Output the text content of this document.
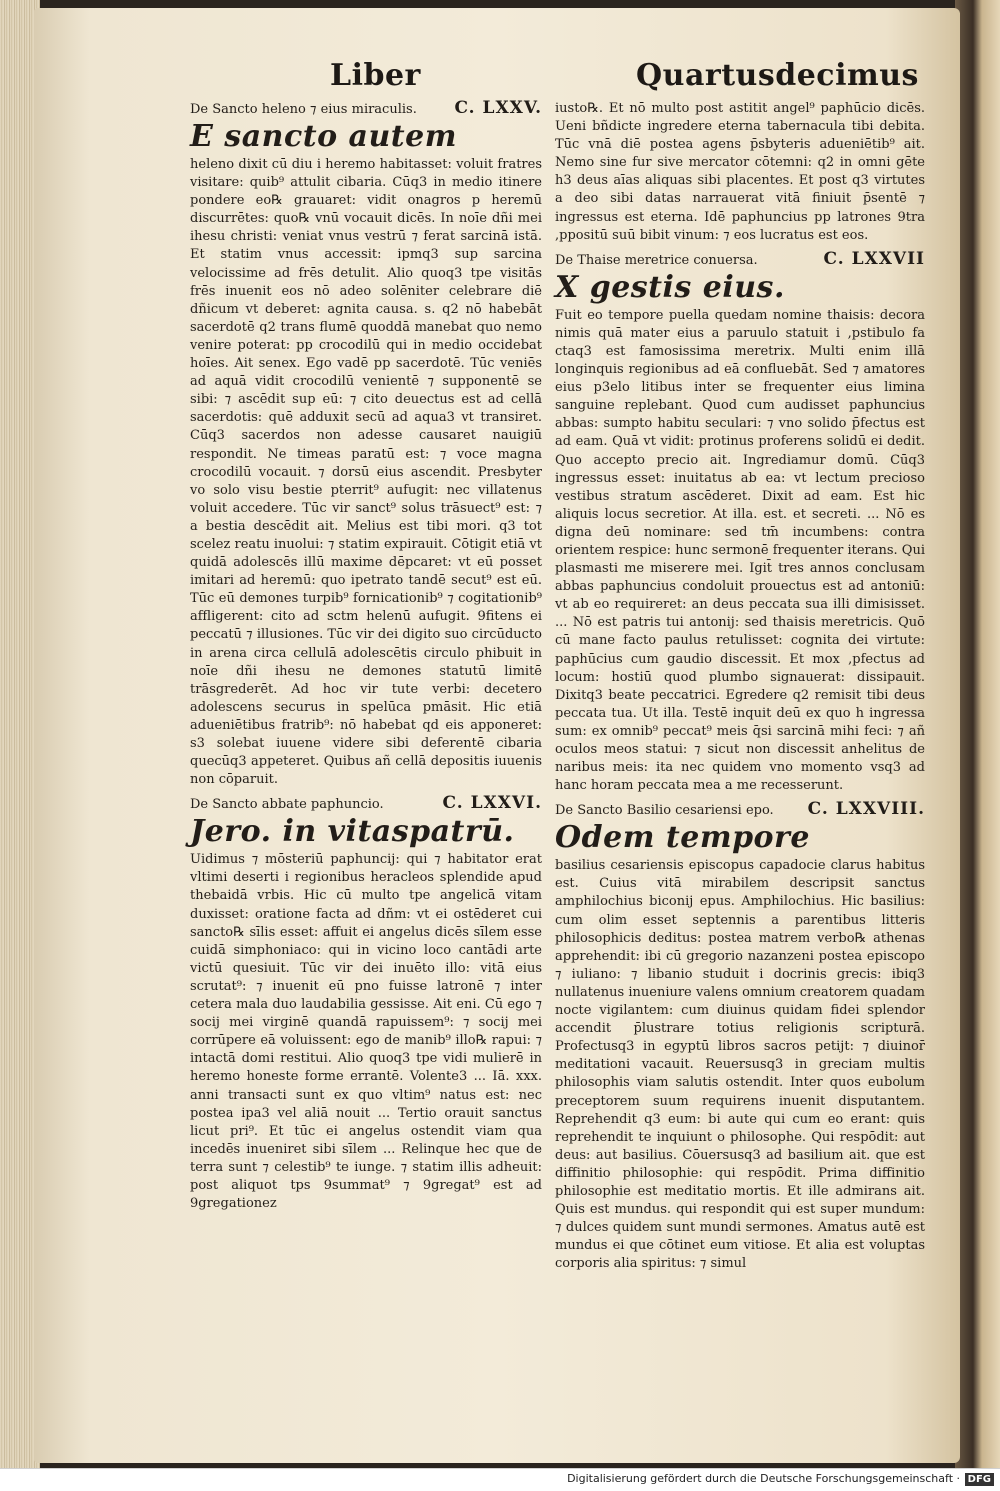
Liber	Quartusdecimus
De Sancto heleno ⁊ eius miraculis. C. LXXV.
E sancto autem

heleno dixit cū diu i heremo habitasset: voluit fratres visitare: quib⁹ attulit cibaria. Cūq3 in medio itinere pondere eo℞ grauaret: vidit onagros p heremū discurrētes: quo℞ vnū vocauit dicēs. In noīe dñi mei ihesu christi: veniat vnus vestrū ⁊ ferat sarcinā istā. Et statim vnus accessit: ipmq3 sup sarcina velocissime ad frēs detulit. Alio quoq3 tpe visitās frēs inuenit eos nō adeo solēniter celebrare diē dñicum vt deberet: agnita causa. s. q2 nō habebāt sacerdotē q2 trans flumē quoddā manebat quo nemo venire poterat: pp crocodilū qui in medio occidebat hoīes. Ait senex. Ego vadē pp sacerdotē. Tūc veniēs ad aquā vidit crocodilū venientē ⁊ supponentē se sibi: ⁊ ascēdit sup eū: ⁊ cito deuectus est ad cellā sacerdotis: quē adduxit secū ad aqua3 vt transiret. Cūq3 sacerdos non adesse causaret nauigiū respondit. Ne timeas paratū est: ⁊ voce magna crocodilū vocauit. ⁊ dorsū eius ascendit. Presbyter vo solo visu bestie pterrit⁹ aufugit: nec villatenus voluit accedere. Tūc vir sanct⁹ solus trāsuect⁹ est: ⁊ a bestia descēdit ait. Melius est tibi mori. q3 tot scelez reatu inuolui: ⁊ statim expirauit. Cōtigit etiā vt quidā adolescēs illū maxime dēpcaret: vt eū posset imitari ad heremū: quo ipetrato tandē secut⁹ est eū. Tūc eū demones turpib⁹ fornicationib⁹ ⁊ cogitationib⁹ affligerent: cito ad sctm helenū aufugit. 9fitens ei peccatū ⁊ illusiones. Tūc vir dei digito suo circūducto in arena circa cellulā adolescētis circulo phibuit in noīe dñi ihesu ne demones statutū limitē trāsgrederēt. Ad hoc vir tute verbi: decetero adolescens securus in spelūca pmāsit. Hic etiā adueniētibus fratrib⁹: nō habebat qd eis apponeret: s3 solebat iuuene videre sibi deferentē cibaria quecūq3 appeteret. Quibus añ cellā depositis iuuenis non cōparuit.

De Sancto abbate paphuncio.	C. LXXVI.
Jero. in vitaspatrū.

Uidimus ⁊ mōsteriū paphuncij: qui ⁊ habitator erat vltimi deserti i regionibus heracleos splendide apud thebaidā vrbis. Hic cū multo tpe angelicā vitam duxisset: oratione facta ad dñm: vt ei ostēderet cui sancto℞ sīlis esset: affuit ei angelus dicēs sīlem esse cuidā simphoniaco: qui in vicino loco cantādi arte victū quesiuit. Tūc vir dei inuēto illo: vitā eius scrutat⁹: ⁊ inuenit eū pno fuisse latronē ⁊ inter cetera mala duo laudabilia gessisse. Ait eni. Cū ego ⁊ socij mei virginē quandā rapuissem⁹: ⁊ socij mei corrūpere eā voluissent: ego de manib⁹ illo℞ rapui: ⁊ intactā domi restitui. Alio quoq3 tpe vidi mulierē in heremo honeste forme errantē. Volente3 ... Iā. xxx. anni transacti sunt ex quo vltim⁹ natus est: nec postea ipa3 vel aliā nouit ... Tertio orauit sanctus licut pri⁹. Et tūc ei angelus ostendit viam qua incedēs inueniret sibi sīlem ... Relinque hec que de terra sunt ⁊ celestib⁹ te iunge. ⁊ statim illis adheuit: post aliquot tps 9summat⁹ ⁊ 9gregat⁹ est ad 9gregationez

iusto℞. Et nō multo post astitit angel⁹ paphūcio dicēs. Ueni bñdicte ingredere eterna tabernacula tibi debita. Tūc vnā diē postea agens p̄sbyteris adueniētib⁹ ait. Nemo sine fur sive mercator cōtemni: q2 in omni gēte h3 deus aīas aliquas sibi placentes. Et post q3 virtutes a deo sibi datas narrauerat vitā finiuit p̄sentē ⁊ ingressus est eterna. Idē paphuncius pp latrones 9tra ,ppositū suū bibit vinum: ⁊ eos lucratus est eos.

De Thaise meretrice conuersa.	C. LXXVII
X gestis eius.

Fuit eo tempore puella quedam nomine thaisis: decora nimis quā mater eius a paruulo statuit i ,pstibulo fa ctaq3 est famosissima meretrix. Multi enim illā longinquis regionibus ad eā confluebāt. Sed ⁊ amatores eius p3elo litibus inter se frequenter eius limina sanguine replebant. Quod cum audisset paphuncius abbas: sumpto habitu seculari: ⁊ vno solido p̄fectus est ad eam. Quā vt vidit: protinus proferens solidū ei dedit. Quo accepto precio ait. Ingrediamur domū. Cūq3 ingressus esset: inuitatus ab ea: vt lectum precioso vestibus stratum ascēderet. Dixit ad eam. Est hic aliquis locus secretior. At illa. est. et secreti. ... Nō es digna deū nominare: sed tm̄ incumbens: contra orientem respice: hunc sermonē frequenter iterans. Qui plasmasti me miserere mei. Igit̄ tres annos conclusam abbas paphuncius condoluit prouectus est ad antoniū: vt ab eo requireret: an deus peccata sua illi dimisisset. ... Nō est patris tui antonij: sed thaisis meretricis. Quō cū mane facto paulus retulisset: cognita dei virtute: paphūcius cum gaudio discessit. Et mox ,pfectus ad locum: hostiū quod plumbo signauerat: dissipauit. Dixitq3 beate peccatrici. Egredere q2 remisit tibi deus peccata tua. Ut illa. Testē inquit deū ex quo h ingressa sum: ex omnib⁹ peccat⁹ meis q̄si sarcinā mihi feci: ⁊ añ oculos meos statui: ⁊ sicut non discessit anhelitus de naribus meis: ita nec quidem vno momento vsq3 ad hanc horam peccata mea a me recesserunt.

De Sancto Basilio cesariensi epo. C. LXXVIII.
Odem tempore

basilius cesariensis episcopus capadocie clarus habitus est. Cuius vitā mirabilem descripsit sanctus amphilochius biconij epus. Amphilochius. Hic basilius: cum olim esset septennis a parentibus litteris philosophicis deditus: postea matrem verbo℞ athenas apprehendit: ibi cū gregorio nazanzeni postea episcopo ⁊ iuliano: ⁊ libanio studuit i docrinis grecis: ibiq3 nullatenus inueniure valens omnium creatorem quadam nocte vigilantem: cum diuinus quidam fidei splendor accendit p̄lustrare totius religionis scripturā. Profectusq3 in egyptū libros sacros petijt: ⁊ diuinor̄ meditationi vacauit. Reuersusq3 in greciam multis philosophis viam salutis ostendit. Inter quos eubolum preceptorem suum requirens inuenit disputantem. Reprehendit q3 eum: bi aute qui cum eo erant: quis reprehendit te inquiunt o philosophe. Qui respōdit: aut deus: aut basilius. Cōuersusq3 ad basilium ait. que est diffinitio philosophie: qui respōdit. Prima diffinitio philosophie est meditatio mortis. Et ille admirans ait. Quis est mundus. qui respondit qui est super mundum: ⁊ dulces quidem sunt mundi sermones. Amatus autē est mundus ei que cōtinet eum vitiose. Et alia est voluptas corporis alia spiritus: ⁊ simul

Digitalisierung gefördert durch die Deutsche Forschungsgemeinschaft · DFG
